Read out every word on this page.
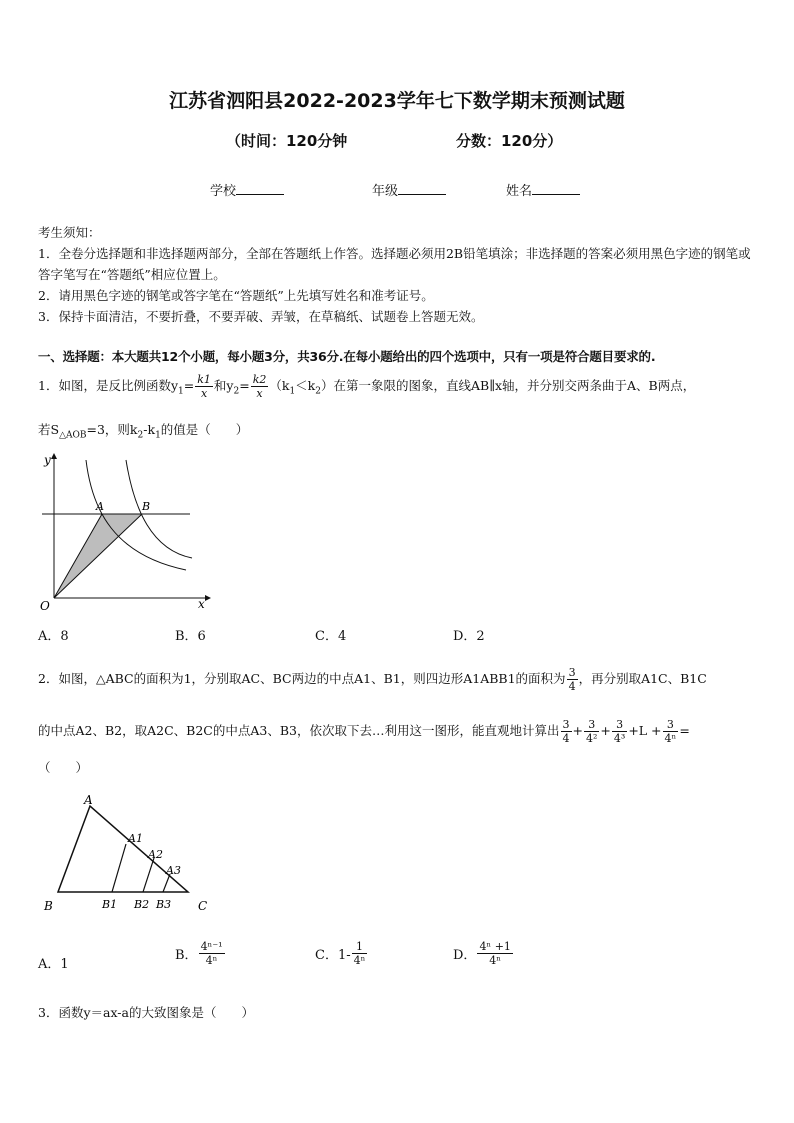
江苏省泗阳县2022-2023学年七下数学期末预测试题
（时间：120分钟	分数：120分）
学校	年级	姓名
考生须知：
1．全卷分选择题和非选择题两部分，全部在答题纸上作答。选择题必须用2B铅笔填涂；非选择题的答案必须用黑色字迹的钢笔或答字笔写在“答题纸”相应位置上。
2．请用黑色字迹的钢笔或答字笔在“答题纸”上先填写姓名和准考证号。
3．保持卡面清洁，不要折叠，不要弄破、弄皱，在草稿纸、试题卷上答题无效。
一、选择题：本大题共12个小题，每小题3分，共36分.在每小题给出的四个选项中，只有一项是符合题目要求的.
1．如图，是反比例函数$y_1= \frac{k1}{x}$ 和$y_2= \frac{k2}{x} (k_1<k_2)$在第一象限的图象，直线AB∥x轴，并分别交两条曲于A、B两点，
若$S_{\triangle AOB}=3$，则$k_2-k_1$的值是（　　）
y
x
O
A	B
A．8	B．6	C．4	D．2
2．如图，△ABC的面积为1，分别取AC、BC两边的中点A1、B1，则四边形A1ABB1的面积为 $\frac{3}{4}$ ，再分别取A1C、B1C
的中点A2、B2，取A2C、B2C的中点A3、B3，依次取下去…利用这一图形，能直观地计算出 $\frac{3}{4} + \frac{3}{\text{4²}} + \frac{3}{\text{4³}} +L + \frac{3}{\text{4ⁿ}}$ =
（　　）
A
A1
A2
A3
B	B1 B2 B3 C
A．1
B． $\frac{\text{4ⁿ⁻¹}}{\text{4ⁿ}}$	C．$1- \frac{1}{\text{4ⁿ}}$	D． $\frac{\text{4ⁿ +1}}{\text{4ⁿ}}$
3．函数y＝ax-a的大致图象是（　　）
